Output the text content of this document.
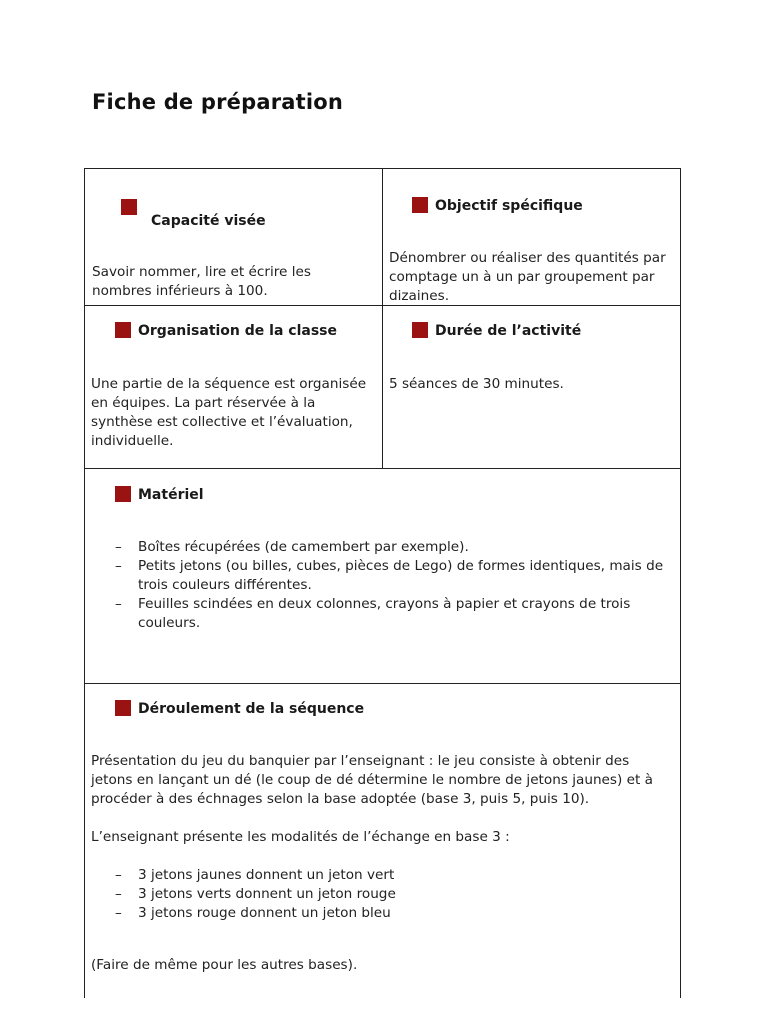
Fiche de préparation
Capacité visée

Savoir nommer, lire et écrire les nombres inférieurs à 100.

Objectif spécifique

Dénombrer ou réaliser des quantités par comptage un à un par groupement par dizaines.

Organisation de la classe

Une partie de la séquence est organisée en équipes. La part réservée à la synthèse est collective et l’évaluation, individuelle.

Durée de l’activité

5 séances de 30 minutes.

Matériel
– Boîtes récupérées (de camembert par exemple).
– Petits jetons (ou billes, cubes, pièces de Lego) de formes identiques, mais de trois couleurs différentes.
– Feuilles scindées en deux colonnes, crayons à papier et crayons de trois couleurs.
Déroulement de la séquence

Présentation du jeu du banquier par l’enseignant : le jeu consiste à obtenir des jetons en lançant un dé (le coup de dé détermine le nombre de jetons jaunes) et à procéder à des échnages selon la base adoptée (base 3, puis 5, puis 10).

L’enseignant présente les modalités de l’échange en base 3 :

– 3 jetons jaunes donnent un jeton vert
– 3 jetons verts donnent un jeton rouge
– 3 jetons rouge donnent un jeton bleu

(Faire de même pour les autres bases).
